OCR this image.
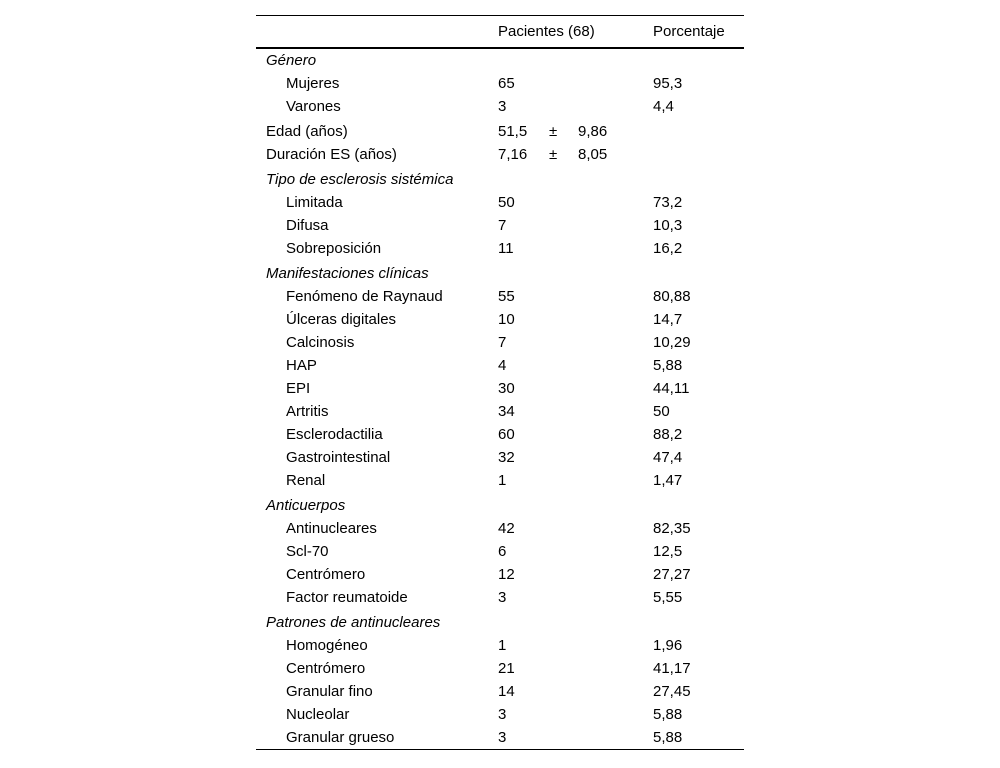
Pacientes (68)	Porcentaje
Género
Mujeres	65	95,3
Varones	3	4,4
Edad (años)	51,5 ± 9,86
Duración ES (años)	7,16 ± 8,05
Tipo de esclerosis sistémica
Limitada	50	73,2
Difusa	7	10,3
Sobreposición	11	16,2
Manifestaciones clínicas
Fenómeno de Raynaud	55	80,88
Úlceras digitales	10	14,7
Calcinosis	7	10,29
HAP	4	5,88
EPI	30	44,11
Artritis	34	50
Esclerodactilia	60	88,2
Gastrointestinal	32	47,4
Renal	1	1,47
Anticuerpos
Antinucleares	42	82,35
Scl-70	6	12,5
Centrómero	12	27,27
Factor reumatoide	3	5,55
Patrones de antinucleares
Homogéneo	1	1,96
Centrómero	21	41,17
Granular fino	14	27,45
Nucleolar	3	5,88
Granular grueso	3	5,88
